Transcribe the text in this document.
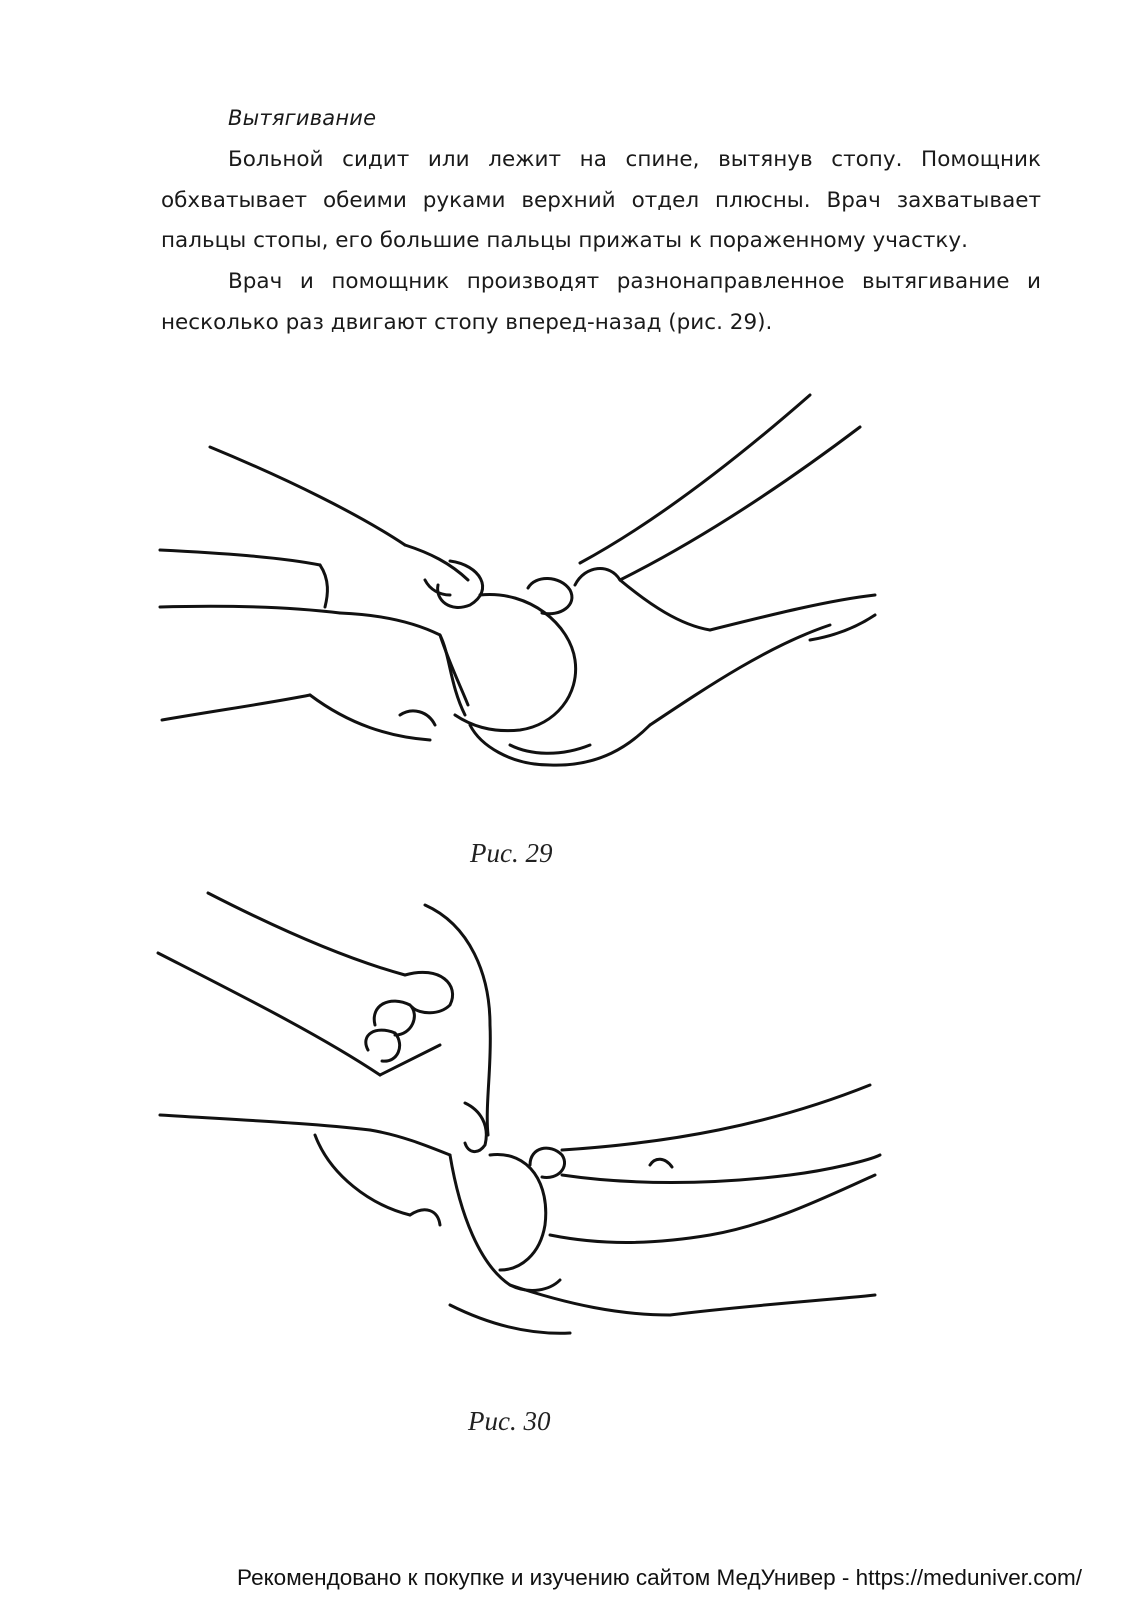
Вытягивание

Больной сидит или лежит на спине, вытянув стопу. Помощник обхватывает обеими руками верхний отдел плюсны. Врач захватывает пальцы стопы, его большие пальцы прижаты к пораженному участку.

Врач и помощник производят разнонаправленное вытягивание и несколько раз двигают стопу вперед-назад (рис. 29).

Рис. 29
Рис. 30
Рекомендовано к покупке и изучению сайтом МедУнивер - https://meduniver.com/
